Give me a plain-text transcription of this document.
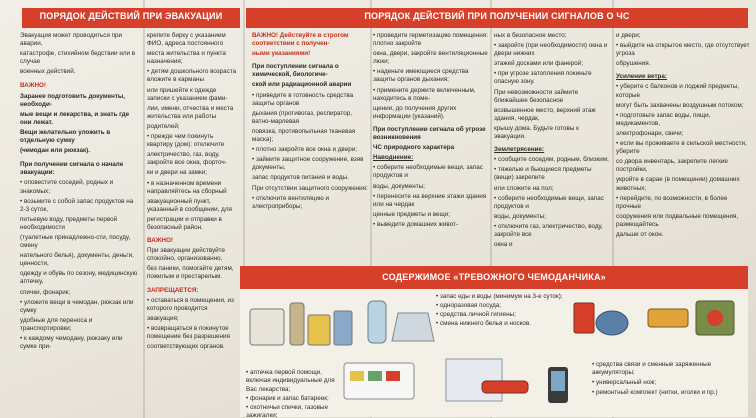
ПОРЯДОК ДЕЙСТВИЙ ПРИ ЭВАКУАЦИИ

Эвакуация может проводиться при аварии,

катастрофе, стихийном бедствии или в случае

военных действий.

ВАЖНО!

Заранее подготовить документы, необходи-

мые вещи и лекарства, и знать где они лежат.

Вещи желательно уложить в отдельную сумку

(чемодан или рюкзак).

При получении сигнала о начале эвакуации:

• оповестите соседей, родных и знакомых;

• возьмите с собой запас продуктов на 2-3 суток,

питьевую воду, предметы первой необходимости

(туалетные принадлежно-сти, посуду, смену

нательного белья), документы, деньги, ценности,

одежду и обувь по сезону, медицинскую аптечку,

спички, фонарик;

• уложите вещи в чемодан, рюкзак или сумку

удобные для переноса и транспортировки;

• к каждому чемодану, рюкзаку или сумке при-

крепите бирку с указанием ФИО, адреса постоянного

места жительства и пункта назначения;

• детям дошкольного возраста вложите в карманы

или пришейте к одежде записки с указанием фами-

лии, имени, отчества и места жительства или работы

родителей;

• прежде чем покинуть квартиру (дом): отключите

электричество, газ, воду, закройте все окна, форточ-

ки и двери на замки;

• в назначенном времени направляйтесь на сборный

эвакуационный пункт, указанный в сообщении, для

регистрации и отправки в безопасный район.

ВАЖНО!

При эвакуации действуйте спокойно, организованно,

без паники, помогайте детям, пожилым и престарелым.

ЗАПРЕЩАЕТСЯ:

• оставаться в помещении, из которого проводится

эвакуация;

• возвращаться в покинутое помещение без разрешения

соответствующих органов.

ПОРЯДОК ДЕЙСТВИЙ ПРИ ПОЛУЧЕНИИ СИГНАЛОВ О ЧС

ВАЖНО! Действуйте в строгом соответствии с получен-

ными указаниями!

При поступлении сигнала о химической, биологиче-

ской или радиационной аварии

• приведите в готовность средства защиты органов

дыхания (противогаз, респиратор, ватно-марлевая

повязка, противопыльная тканевая маска);

• плотно закройте все окна и двери;

• займите защитное сооружение, взяв документы,

запас продуктов питания и воды.

При отсутствии защитного сооружения:

• отключите вентиляцию и электроприборы;

• проведите герметизацию помещения: плотно закройте

окна, двери, закройте вентиляционные люки;

• наденьте имеющиеся средства защиты органов дыхания;

• примените держите включенным, находитесь в поме-

щении, до получения других информации (указаний).

При поступлении сигнала об угрозе возникновения

ЧС природного характера

Наводнение:

• соберите необходимые вещи, запас продуктов и

воды, документы;

• перенесите на верхние этажи здания или на чердак

ценные предметы и вещи;

• выведите домашних живот-

ных в безопасное место;

• закройте (при необходимости) окна и двери нижних

этажей досками или фанерой;

• при угрозе затопления покиньте опасную зону.

При невозможности займите ближайшее безопасное

возвышенное место, верхний этаж здания, чердак,

крышу дома. Будьте готовы к эвакуации.

Землетрясение:

• сообщите соседям, родным, близким;

• тяжелые и бьющиеся предметы (вещи) закрепите

или сложите на пол;

• соберите необходимые вещи, запас продуктов и

воды, документы;

• отключите газ, электричество, воду, закройте все

окна и

и двери;

• выйдите на открытое место, где отсутствует угроза

обрушения.

Усиление ветра:

• уберите с балконов и лоджий предметы, которые

могут быть захвачены воздушным потоком;

• подготовьте запас воды, пищи, медикаментов,

электрофонари, свечи;

• если вы проживаете в сельской местности, уберите

со двора инвентарь, закрепите легкие постройки,

укройте в сарае (в помещении) домашних животных;

• перейдите, по возможности, в более прочные

сооружения или подвальные помещения, размещайтесь

дальше от окон.

СОДЕРЖИМОЕ «ТРЕВОЖНОГО ЧЕМОДАНЧИКА»

• запас еды и воды (минимум на 3-е суток);

• одноразовая посуда;

• средства личной гигиены;

• смена нижнего белья и носков.

• аптечка первой помощи, включая индивидуальные для

Вас лекарства;

• фонарик и запас батареек;

• охотничьи спички, газовые зажигалки;

• средства связи и сменные заряженные аккумуляторы;

• универсальный нож;

• ремонтный комплект (нитки, иголки и пр.)
